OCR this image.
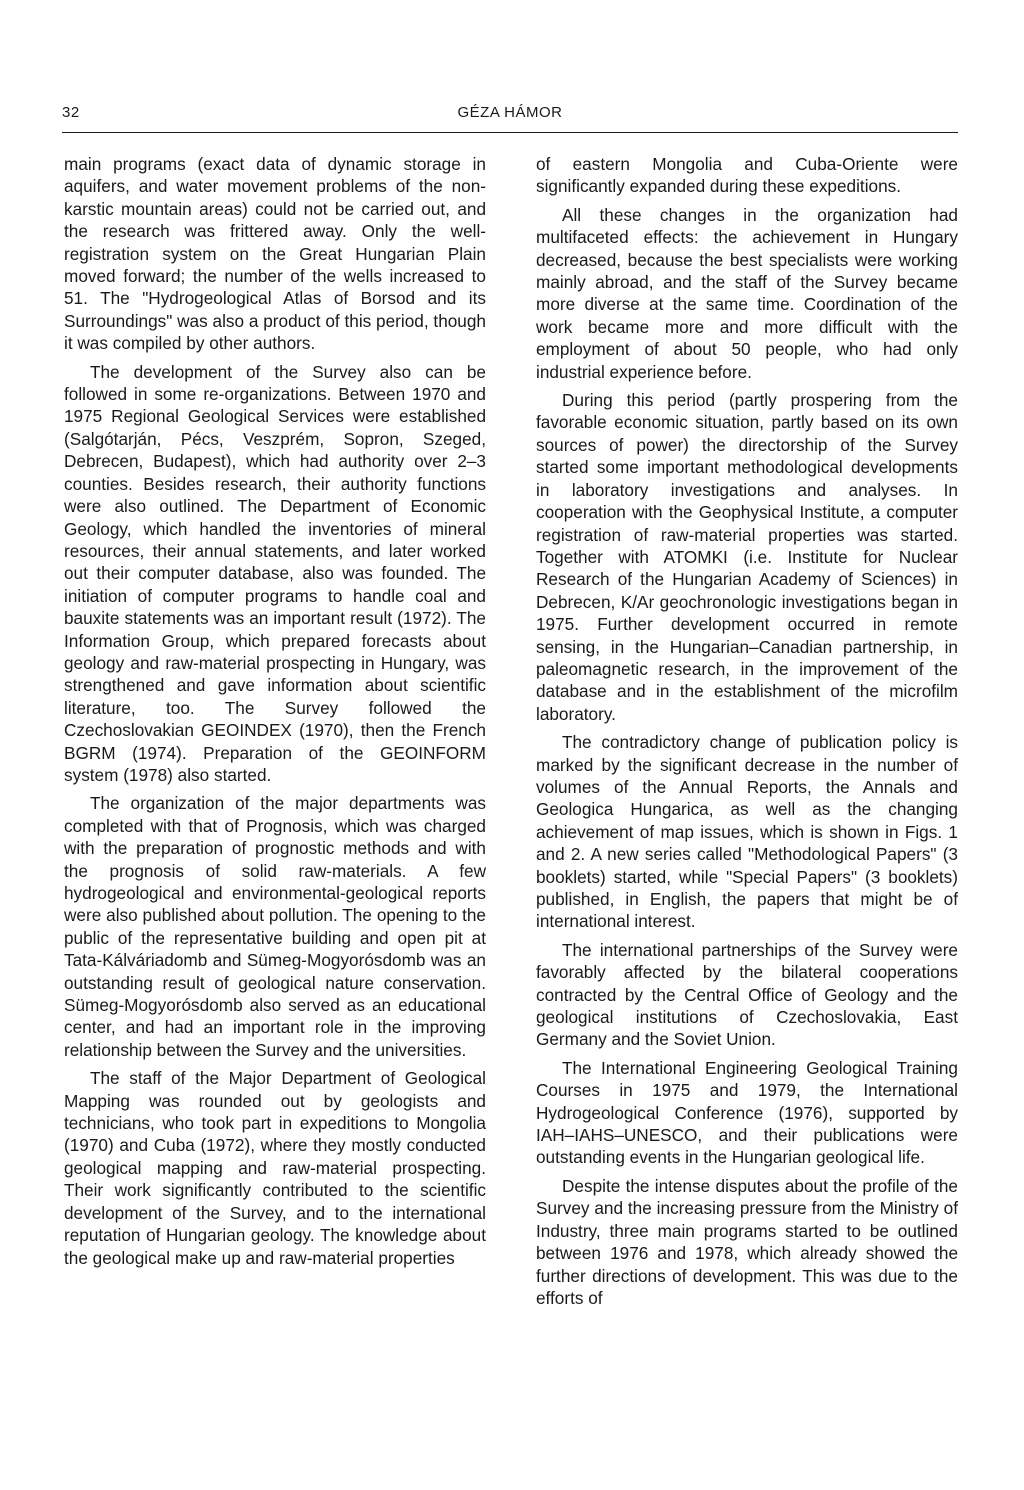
32	GÉZA HÁMOR

main programs (exact data of dynamic storage in aquifers, and water movement problems of the non-karstic mountain areas) could not be carried out, and the research was frittered away. Only the well-registration system on the Great Hungarian Plain moved forward; the number of the wells increased to 51. The "Hydrogeological Atlas of Borsod and its Surroundings" was also a product of this period, though it was compiled by other authors.

The development of the Survey also can be followed in some re-organizations. Between 1970 and 1975 Regional Geological Services were established (Salgótarján, Pécs, Veszprém, Sopron, Szeged, Debrecen, Budapest), which had authority over 2–3 counties. Besides research, their authority functions were also outlined. The Department of Economic Geology, which handled the inventories of mineral resources, their annual statements, and later worked out their computer database, also was founded. The initiation of computer programs to handle coal and bauxite statements was an important result (1972). The Information Group, which prepared forecasts about geology and raw-material prospecting in Hungary, was strengthened and gave information about scientific literature, too. The Survey followed the Czechoslovakian GEOINDEX (1970), then the French BGRM (1974). Preparation of the GEOINFORM system (1978) also started.

The organization of the major departments was completed with that of Prognosis, which was charged with the preparation of prognostic methods and with the prognosis of solid raw-materials. A few hydrogeological and environmental-geological reports were also published about pollution. The opening to the public of the representative building and open pit at Tata-Kálváriadomb and Sümeg-Mogyorósdomb was an outstanding result of geological nature conservation. Sümeg-Mogyorósdomb also served as an educational center, and had an important role in the improving relationship between the Survey and the universities.

The staff of the Major Department of Geological Mapping was rounded out by geologists and technicians, who took part in expeditions to Mongolia (1970) and Cuba (1972), where they mostly conducted geological mapping and raw-material prospecting. Their work significantly contributed to the scientific development of the Survey, and to the international reputation of Hungarian geology. The knowledge about the geological make up and raw-material properties

of eastern Mongolia and Cuba-Oriente were significantly expanded during these expeditions.

All these changes in the organization had multifaceted effects: the achievement in Hungary decreased, because the best specialists were working mainly abroad, and the staff of the Survey became more diverse at the same time. Coordination of the work became more and more difficult with the employment of about 50 people, who had only industrial experience before.

During this period (partly prospering from the favorable economic situation, partly based on its own sources of power) the directorship of the Survey started some important methodological developments in laboratory investigations and analyses. In cooperation with the Geophysical Institute, a computer registration of raw-material properties was started. Together with ATOMKI (i.e. Institute for Nuclear Research of the Hungarian Academy of Sciences) in Debrecen, K/Ar geochronologic investigations began in 1975. Further development occurred in remote sensing, in the Hungarian–Canadian partnership, in paleomagnetic research, in the improvement of the database and in the establishment of the microfilm laboratory.

The contradictory change of publication policy is marked by the significant decrease in the number of volumes of the Annual Reports, the Annals and Geologica Hungarica, as well as the changing achievement of map issues, which is shown in Figs. 1 and 2. A new series called "Methodological Papers" (3 booklets) started, while "Special Papers" (3 booklets) published, in English, the papers that might be of international interest.

The international partnerships of the Survey were favorably affected by the bilateral cooperations contracted by the Central Office of Geology and the geological institutions of Czechoslovakia, East Germany and the Soviet Union.

The International Engineering Geological Training Courses in 1975 and 1979, the International Hydrogeological Conference (1976), supported by IAH–IAHS–UNESCO, and their publications were outstanding events in the Hungarian geological life.

Despite the intense disputes about the profile of the Survey and the increasing pressure from the Ministry of Industry, three main programs started to be outlined between 1976 and 1978, which already showed the further directions of development. This was due to the efforts of
